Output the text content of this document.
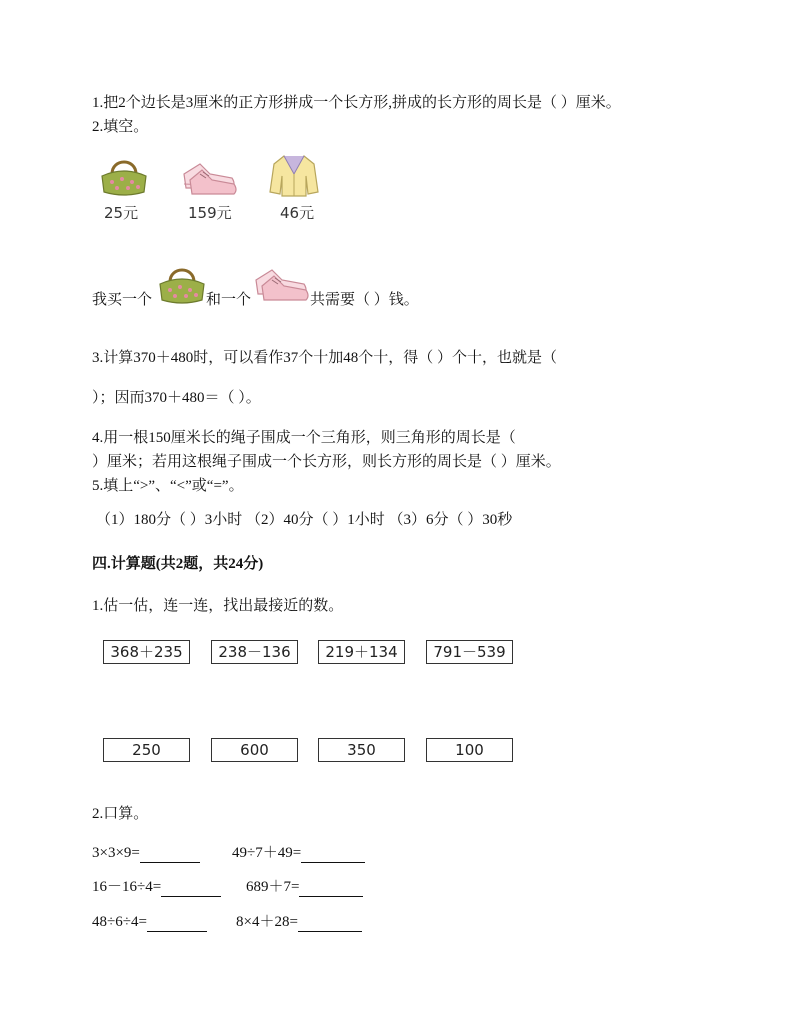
1.把2个边长是3厘米的正方形拼成一个长方形,拼成的长方形的周长是（ ）厘米。
2.填空。
25元	159元	46元
我买一个	和一个	共需要（ ）钱。
3.计算370＋480时，可以看作37个十加48个十，得（ ）个十，也就是（
）；因而370＋480＝（ ）。
4.用一根150厘米长的绳子围成一个三角形，则三角形的周长是（
）厘米；若用这根绳子围成一个长方形，则长方形的周长是（ ）厘米。
5.填上“>”、“<”或“=”。
（1）180分（ ）3小时 （2）40分（ ）1小时 （3）6分（ ）30秒
四.计算题(共2题，共24分)
1.估一估，连一连，找出最接近的数。
368＋235	238－136	219＋134	791－539
250	600	350	100
2.口算。
3×3×9=	49÷7＋49=
16－16÷4=	689＋7=
48÷6÷4=	8×4＋28=
